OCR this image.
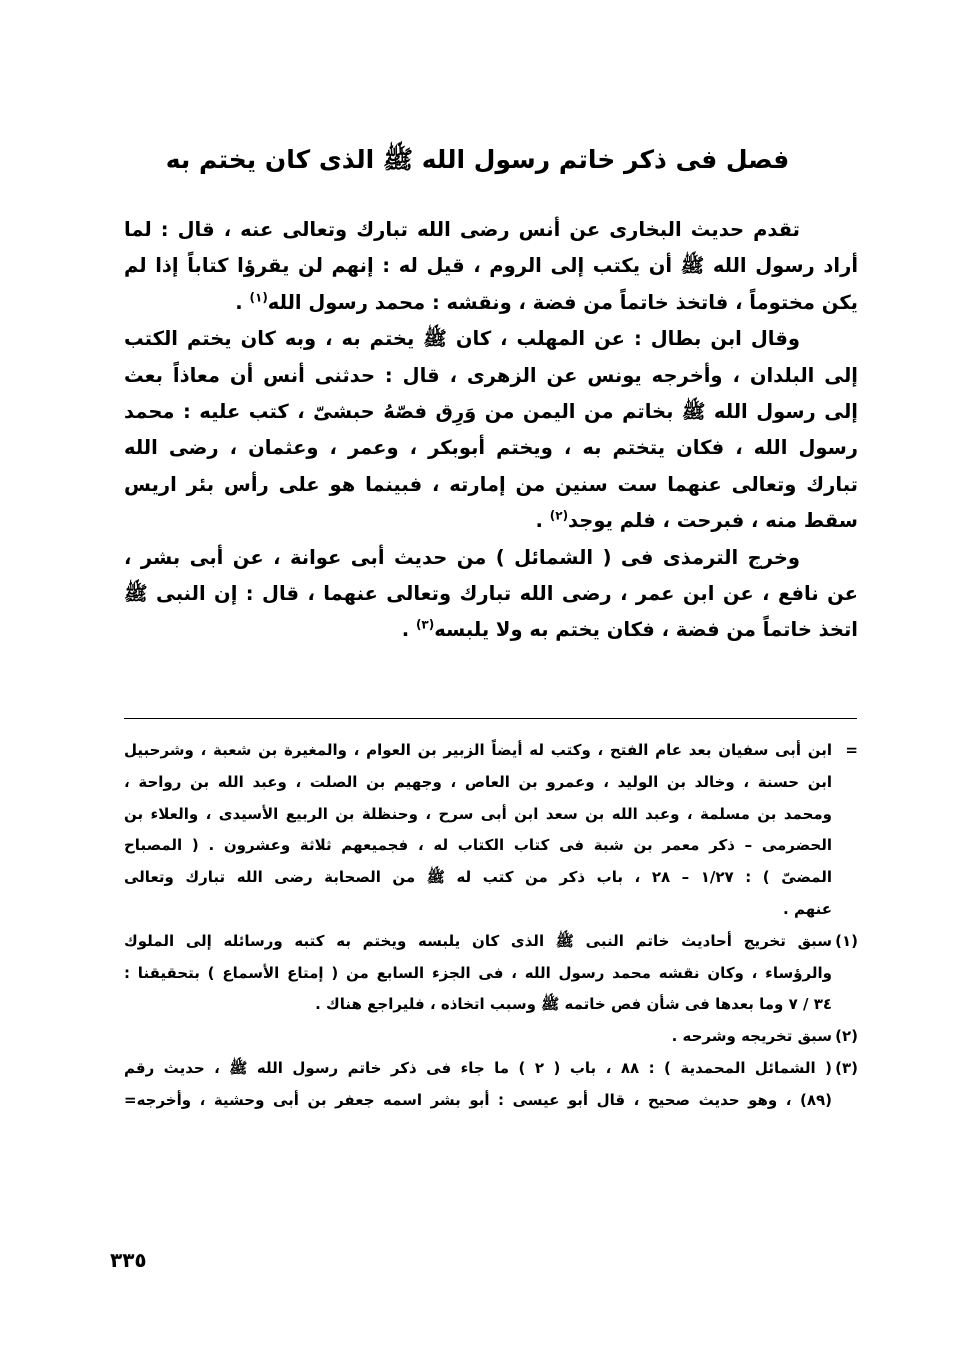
فصل فى ذكر خاتم رسول الله ﷺ الذى كان يختم به
تقدم حديث البخارى عن أنس رضى الله تبارك وتعالى عنه ، قال : لما
أراد رسول الله ﷺ أن يكتب إلى الروم ، قيل له : إنهم لن يقرؤا كتاباً إذا لم
يكن مختوماً ، فاتخذ خاتماً من فضة ، ونقشه : محمد رسول الله$^{(١)}$ .
وقال ابن بطال : عن المهلب ، كان ﷺ يختم به ، وبه كان يختم الكتب
إلى البلدان ، وأخرجه يونس عن الزهرى ، قال : حدثنى أنس أن معاذاً بعث
إلى رسول الله ﷺ بخاتم من اليمن من وَرِق فصّهُ حبشىّ ، كتب عليه : محمد
رسول الله ، فكان يتختم به ، ويختم أبوبكر ، وعمر ، وعثمان ، رضى الله
تبارك وتعالى عنهما ست سنين من إمارته ، فبينما هو على رأس بئر اريس
سقط منه ، فبرحت ، فلم يوجد$^{(٢)}$ .
وخرج الترمذى فى ( الشمائل ) من حديث أبى عوانة ، عن أبى بشر ،
عن نافع ، عن ابن عمر ، رضى الله تبارك وتعالى عنهما ، قال : إن النبى ﷺ
اتخذ خاتماً من فضة ، فكان يختم به ولا يلبسه$^{(٣)}$ .
=
ابن أبى سفيان بعد عام الفتح ، وكتب له أيضاً الزبير بن العوام ، والمغيرة بن شعبة ، وشرحبيل
ابن حسنة ، وخالد بن الوليد ، وعمرو بن العاص ، وجهيم بن الصلت ، وعبد الله بن رواحة ،
ومحمد بن مسلمة ، وعبد الله بن سعد ابن أبى سرح ، وحنظلة بن الربيع الأسيدى ، والعلاء بن
الحضرمى – ذكر معمر بن شبة فى كتاب الكتاب له ، فجميعهم ثلاثة وعشرون . ( المصباح
المضىّ ) : ١/٢٧ – ٢٨ ، باب ذكر من كتب له ﷺ من الصحابة رضى الله تبارك وتعالى
عنهم .
(١)
سبق تخريج أحاديث خاتم النبى ﷺ الذى كان يلبسه ويختم به كتبه ورسائله إلى الملوك
والرؤساء ، وكان نقشه محمد رسول الله ، فى الجزء السابع من ( إمتاع الأسماع ) بتحقيقنا :
٣٤ / ٧ وما بعدها فى شأن فص خاتمه ﷺ وسبب اتخاذه ، فليراجع هناك .
(٢)
سبق تخريجه وشرحه .
(٣)
( الشمائل المحمدية ) : ٨٨ ، باب ( ٢ ) ما جاء فى ذكر خاتم رسول الله ﷺ ، حديث رقم
(٨٩) ، وهو حديث صحيح ، قال أبو عيسى : أبو بشر اسمه جعفر بن أبى وحشية ، وأخرجه=
٣٣٥
